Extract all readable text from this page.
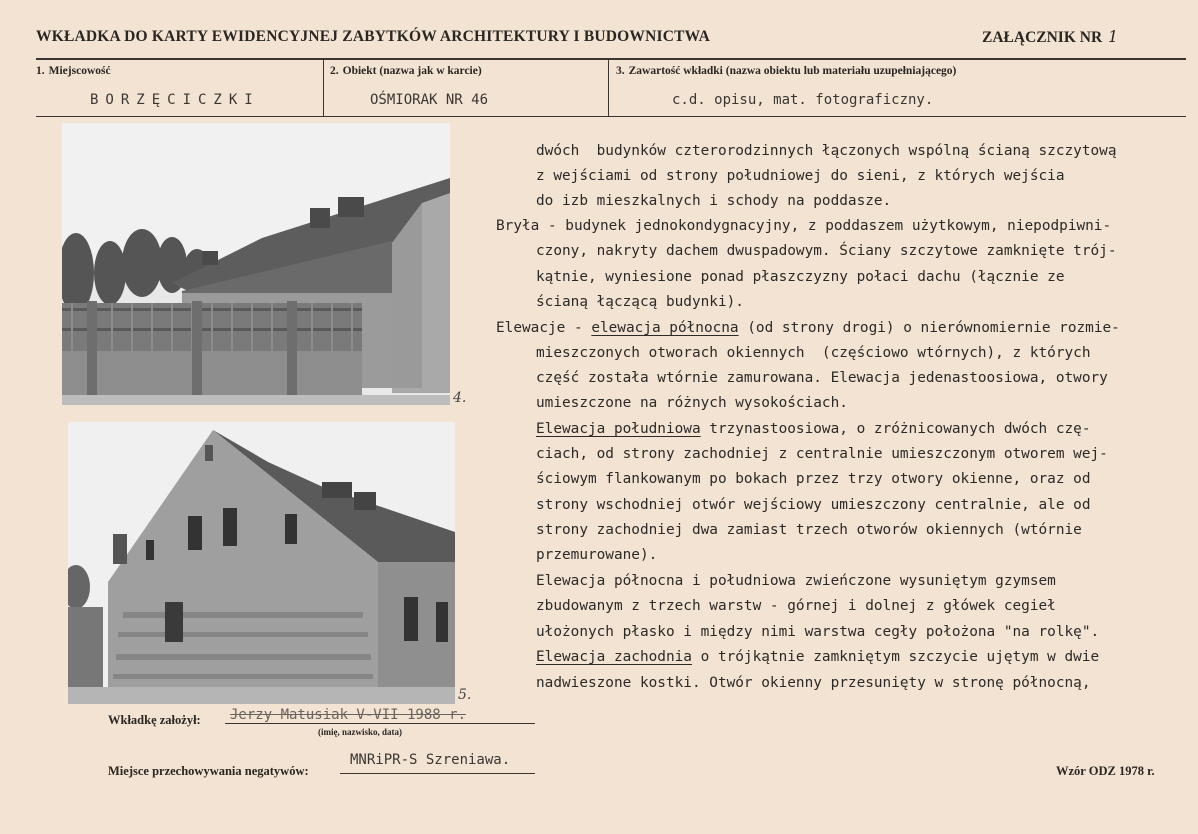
WKŁADKA DO KARTY EWIDENCYJNEJ ZABYTKÓW ARCHITEKTURY I BUDOWNICTWA	ZAŁĄCZNIK NR 1
1. Miejscowość
BORZĘCICZKI
2. Obiekt (nazwa jak w karcie)
OŚMIORAK NR 46
3. Zawartość wkładki (nazwa obiektu lub materiału uzupełniającego)
c.d. opisu, mat. fotograficzny.
4.
5.
dwóch  budynków czterorodzinnych łączonych wspólną ścianą szczytową
z wejściami od strony południowej do sieni, z których wejścia
do izb mieszkalnych i schody na poddasze.
Bryła - budynek jednokondygnacyjny, z poddaszem użytkowym, niepodpiwni-
czony, nakryty dachem dwuspadowym. Ściany szczytowe zamknięte trój-
kątnie, wyniesione ponad płaszczyzny połaci dachu (łącznie ze
ścianą łączącą budynki).
Elewacje - elewacja północna (od strony drogi) o nierównomiernie rozmie-
mieszczonych otworach okiennych  (częściowo wtórnych), z których
część została wtórnie zamurowana. Elewacja jedenastoosiowa, otwory
umieszczone na różnych wysokościach.
Elewacja południowa trzynastoosiowa, o zróżnicowanych dwóch czę-
ciach, od strony zachodniej z centralnie umieszczonym otworem wej-
ściowym flankowanym po bokach przez trzy otwory okienne, oraz od
strony wschodniej otwór wejściowy umieszczony centralnie, ale od
strony zachodniej dwa zamiast trzech otworów okiennych (wtórnie
przemurowane).
Elewacja północna i południowa zwieńczone wysuniętym gzymsem
zbudowanym z trzech warstw - górnej i dolnej z główek cegieł
ułożonych płasko i między nimi warstwa cegły położona "na rolkę".
Elewacja zachodnia o trójkątnie zamkniętym szczycie ujętym w dwie
nadwieszone kostki. Otwór okienny przesunięty w stronę północną,
Wkładkę założył: Jerzy Matusiak V-VII 1988 r.
(imię, nazwisko, data)
Miejsce przechowywania negatywów:
MNRiPR-S Szreniawa.
Wzór ODZ 1978 r.
